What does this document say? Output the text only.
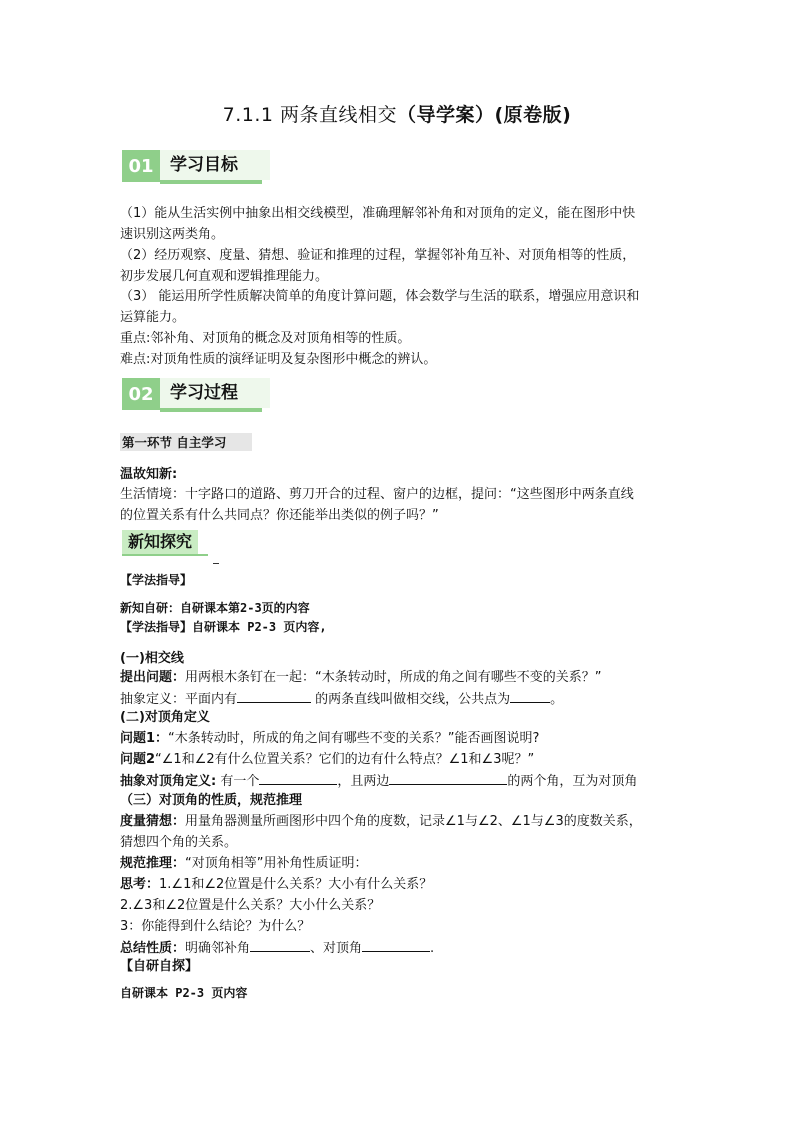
7.1.1 两条直线相交（导学案）(原卷版)
01 学习目标
（1）能从生活实例中抽象出相交线模型，准确理解邻补角和对顶角的定义，能在图形中快
速识别这两类角。
（2）经历观察、度量、猜想、验证和推理的过程，掌握邻补角互补、对顶角相等的性质，
初步发展几何直观和逻辑推理能力。
（3） 能运用所学性质解决简单的角度计算问题，体会数学与生活的联系，增强应用意识和
运算能力。
重点:邻补角、对顶角的概念及对顶角相等的性质。
难点:对顶角性质的演绎证明及复杂图形中概念的辨认。
02 学习过程
第一环节 自主学习
温故知新:
生活情境：十字路口的道路、剪刀开合的过程、窗户的边框，提问：“这些图形中两条直线
的位置关系有什么共同点？你还能举出类似的例子吗？”
新知探究
【学法指导】
新知自研：自研课本第2-3页的内容
【学法指导】自研课本 P2-3 页内容,
(一)相交线
提出问题：用两根木条钉在一起：“木条转动时，所成的角之间有哪些不变的关系？”
抽象定义：平面内有	的两条直线叫做相交线，公共点为	。
(二)对顶角定义
问题1：“木条转动时，所成的角之间有哪些不变的关系？”能否画图说明?
问题2“∠1和∠2有什么位置关系？它们的边有什么特点？∠1和∠3呢？”
抽象对顶角定义: 有一个	，且两边	的两个角，互为对顶角
（三）对顶角的性质，规范推理
度量猜想：用量角器测量所画图形中四个角的度数，记录∠1与∠2、∠1与∠3的度数关系，
猜想四个角的关系。
规范推理：“对顶角相等”用补角性质证明：
思考：1.∠1和∠2位置是什么关系？大小有什么关系？
2.∠3和∠2位置是什么关系？大小什么关系？
3：你能得到什么结论？为什么？
总结性质：明确邻补角	、对顶角	.
【自研自探】
自研课本 P2-3 页内容
